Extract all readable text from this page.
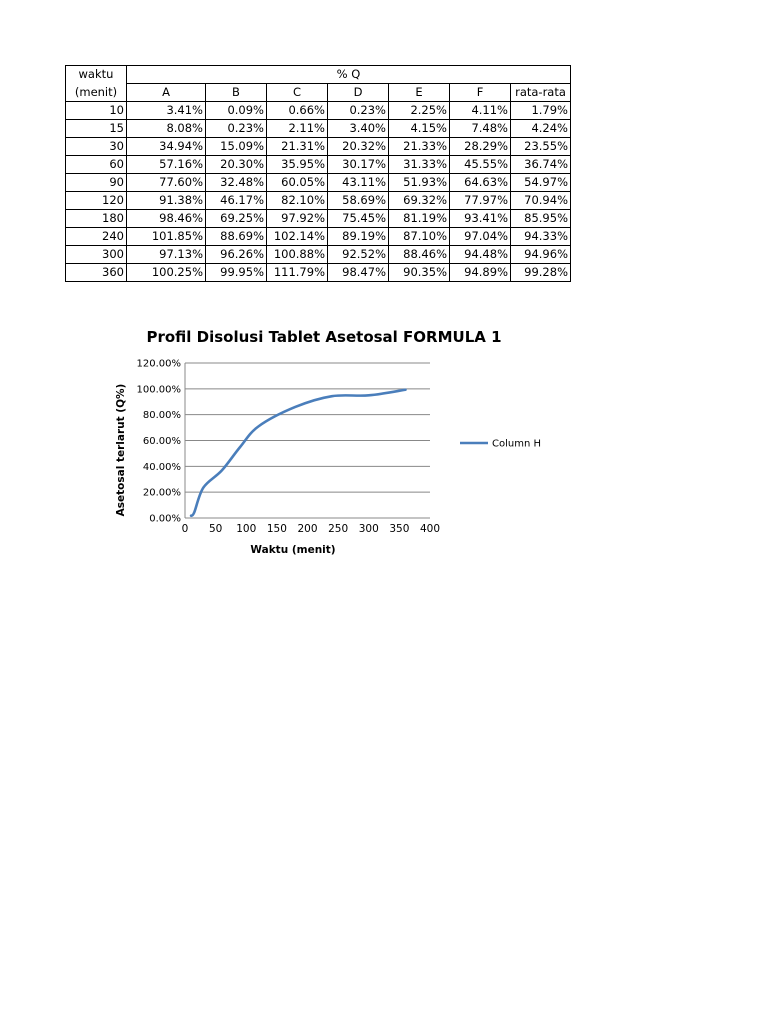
waktu	% Q						
(menit)	A	B	C	D	E	F	rata-rata
10	3.41%	0.09%	0.66%	0.23%	2.25%	4.11%	1.79%
15	8.08%	0.23%	2.11%	3.40%	4.15%	7.48%	4.24%
30	34.94%	15.09%	21.31%	20.32%	21.33%	28.29%	23.55%
60	57.16%	20.30%	35.95%	30.17%	31.33%	45.55%	36.74%
90	77.60%	32.48%	60.05%	43.11%	51.93%	64.63%	54.97%
120	91.38%	46.17%	82.10%	58.69%	69.32%	77.97%	70.94%
180	98.46%	69.25%	97.92%	75.45%	81.19%	93.41%	85.95%
240	101.85%	88.69%	102.14%	89.19%	87.10%	97.04%	94.33%
300	97.13%	96.26%	100.88%	92.52%	88.46%	94.48%	94.96%
360	100.25%	99.95%	111.79%	98.47%	90.35%	94.89%	99.28%
Profil Disolusi Tablet Asetosal FORMULA 1
0.00%
20.00%
40.00%
60.00%
80.00%
100.00%
120.00%
0 50 100 150 200 250 300 350 400
Waktu (menit)
Asetosal terlarut (Q%)	Column H
